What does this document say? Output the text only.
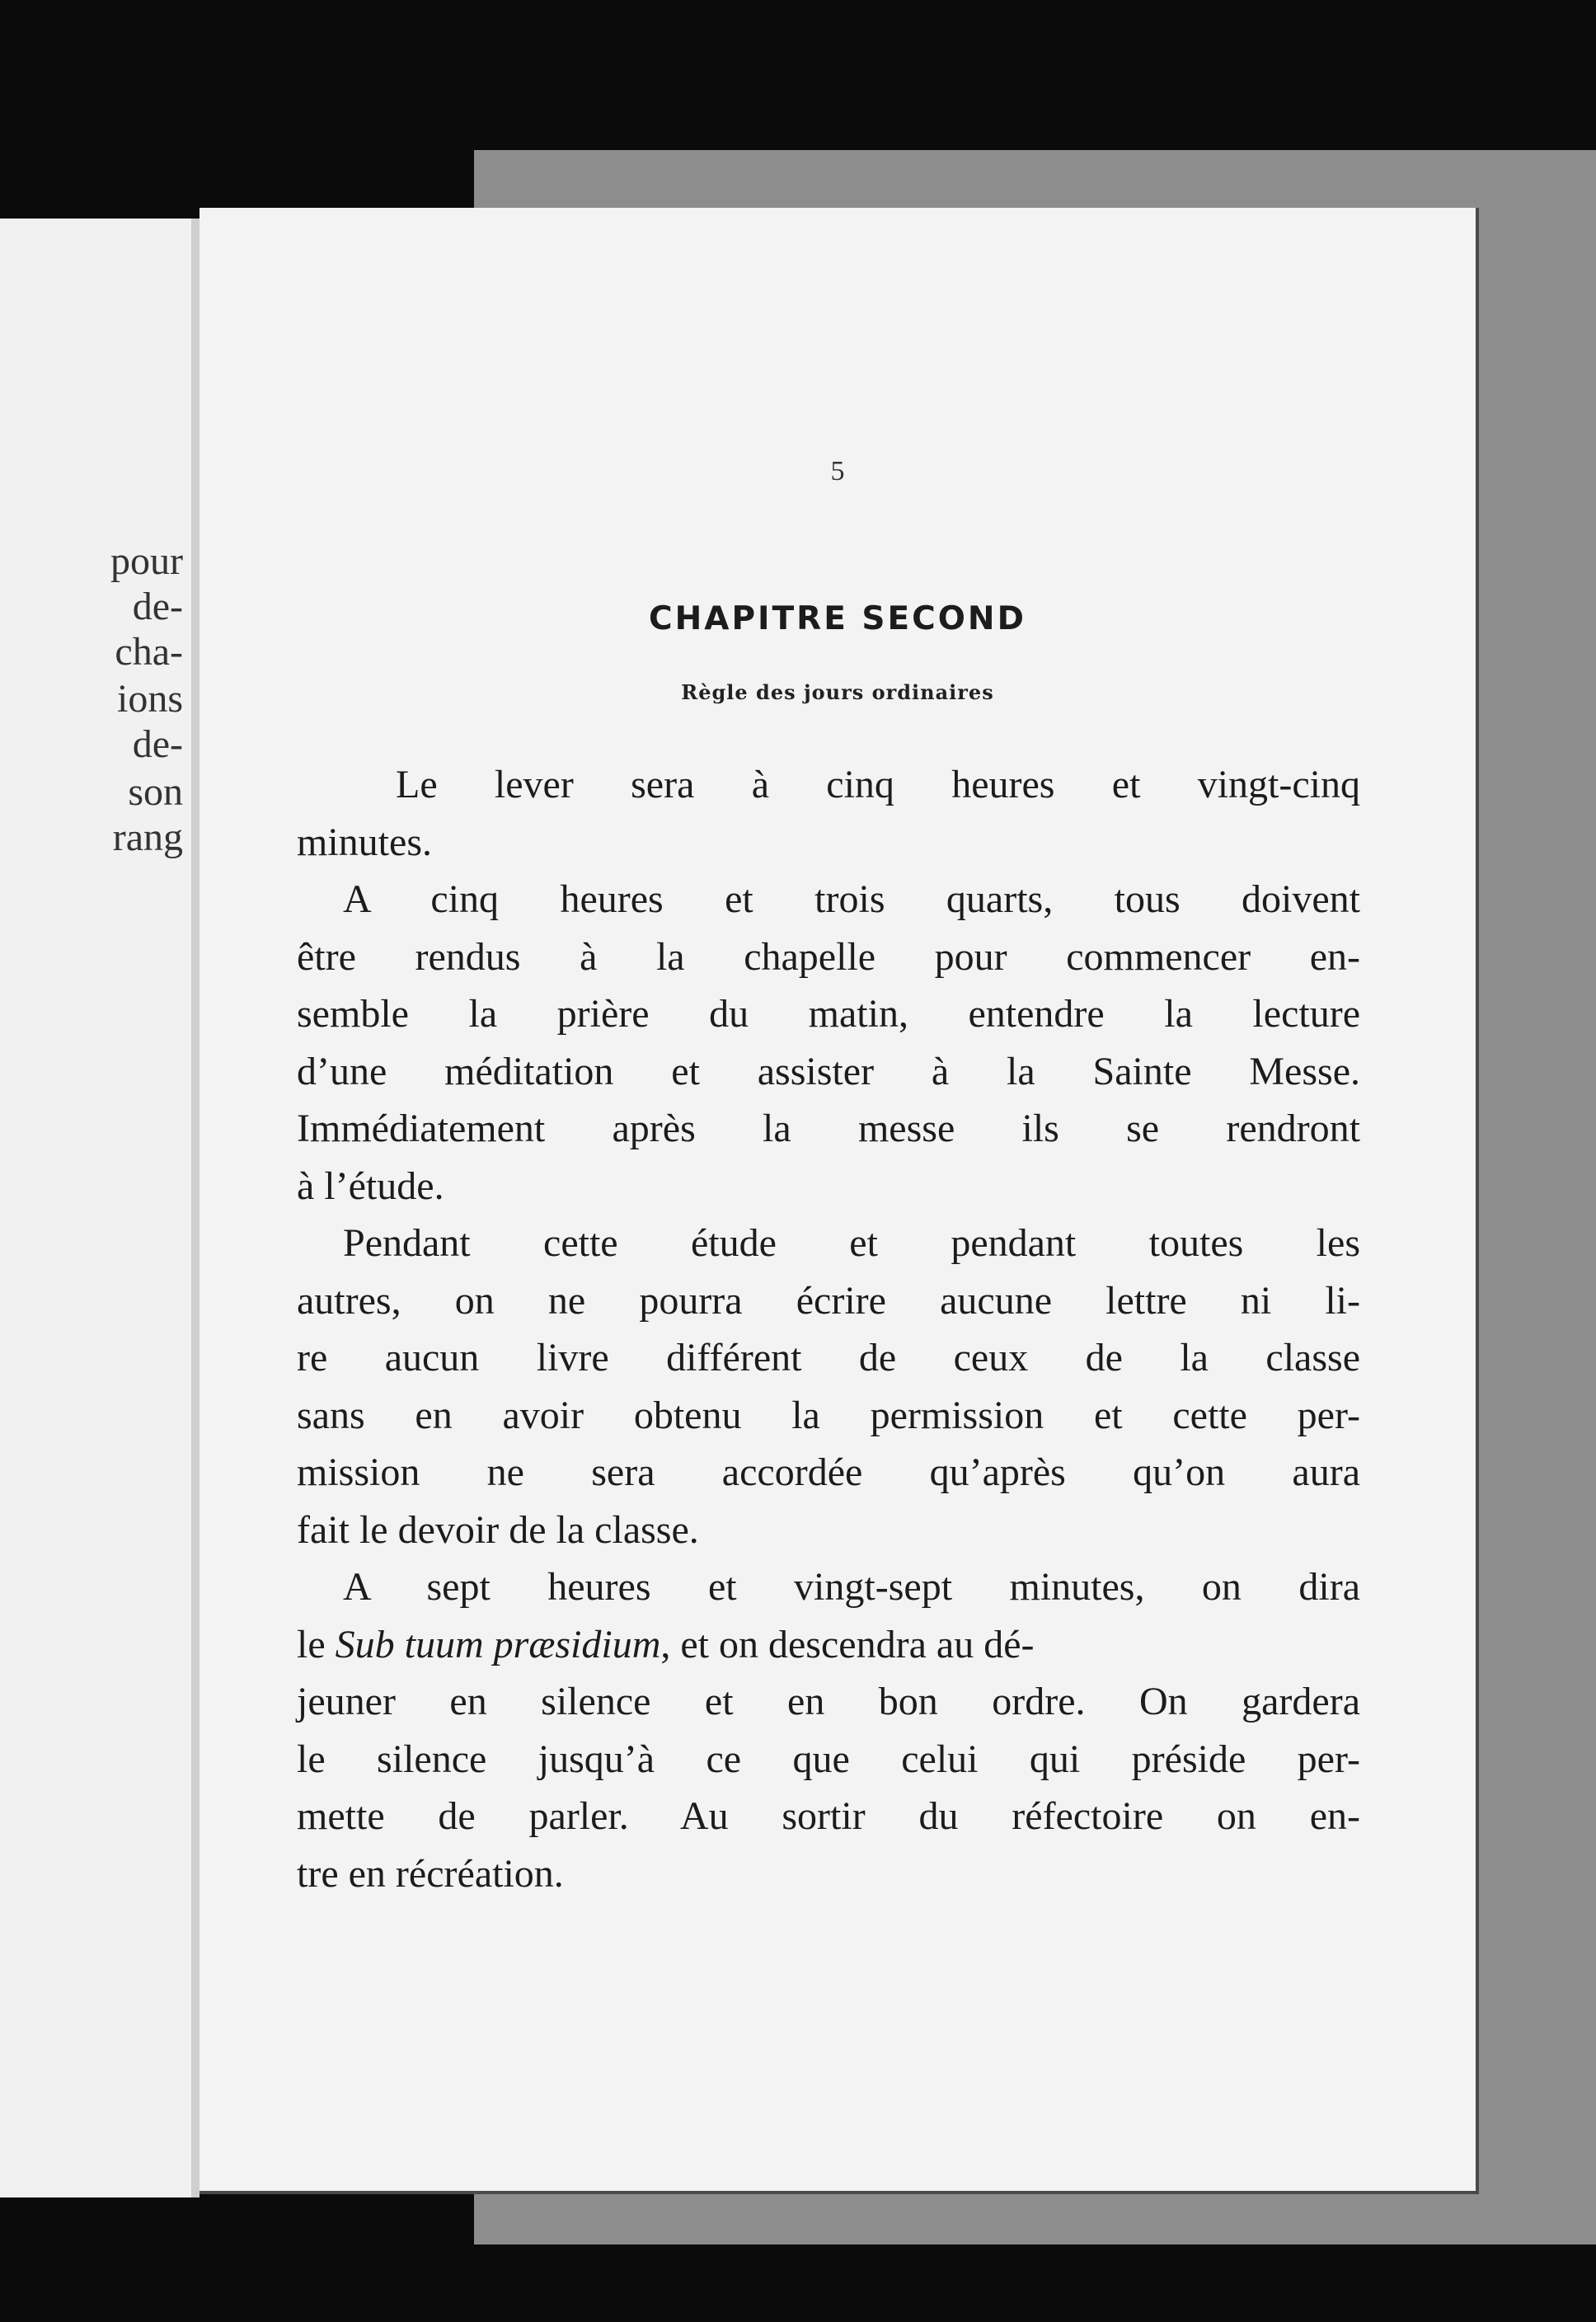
pour

de-

cha-

ions

de-

son

rang

5

CHAPITRE SECOND
Règle des jours ordinaires

Le lever sera à cinq heures et vingt-cinq

minutes.

A cinq heures et trois quarts, tous doivent

être rendus à la chapelle pour commencer en-

semble la prière du matin, entendre la lecture

d’une méditation et assister à la Sainte Messe.

Immédiatement après la messe ils se rendront

à l’étude.

Pendant cette étude et pendant toutes les

autres, on ne pourra écrire aucune lettre ni li-

re aucun livre différent de ceux de la classe

sans en avoir obtenu la permission et cette per-

mission ne sera accordée qu’après qu’on aura

fait le devoir de la classe.

A sept heures et vingt-sept minutes, on dira

le Sub tuum præsidium, et on descendra au dé-

jeuner en silence et en bon ordre. On gardera

le silence jusqu’à ce que celui qui préside per-

mette de parler. Au sortir du réfectoire on en-

tre en récréation.
